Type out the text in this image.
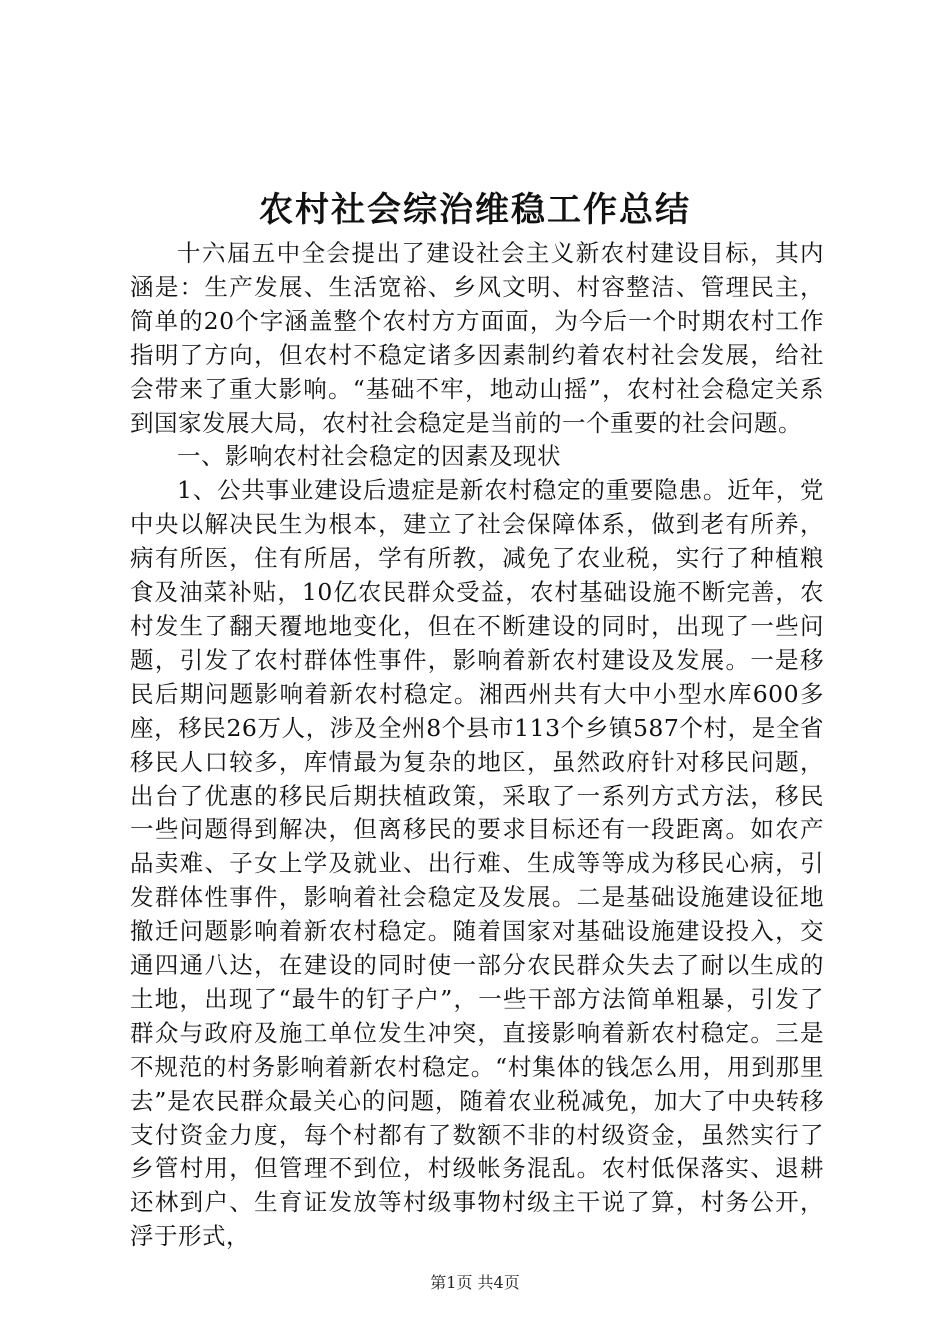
农村社会综治维稳工作总结

十六届五中全会提出了建设社会主义新农村建设目标，其内涵是：生产发展、生活宽裕、乡风文明、村容整洁、管理民主，简单的20个字涵盖整个农村方方面面，为今后一个时期农村工作指明了方向，但农村不稳定诸多因素制约着农村社会发展，给社会带来了重大影响。“基础不牢，地动山摇”，农村社会稳定关系到国家发展大局，农村社会稳定是当前的一个重要的社会问题。

一、影响农村社会稳定的因素及现状

1、公共事业建设后遗症是新农村稳定的重要隐患。近年，党中央以解决民生为根本，建立了社会保障体系，做到老有所养，病有所医，住有所居，学有所教，减免了农业税，实行了种植粮食及油菜补贴，10亿农民群众受益，农村基础设施不断完善，农村发生了翻天覆地地变化，但在不断建设的同时，出现了一些问题，引发了农村群体性事件，影响着新农村建设及发展。一是移民后期问题影响着新农村稳定。湘西州共有大中小型水库600多座，移民26万人，涉及全州8个县市113个乡镇587个村，是全省移民人口较多，库情最为复杂的地区，虽然政府针对移民问题，出台了优惠的移民后期扶植政策，采取了一系列方式方法，移民一些问题得到解决，但离移民的要求目标还有一段距离。如农产品卖难、子女上学及就业、出行难、生成等等成为移民心病，引发群体性事件，影响着社会稳定及发展。二是基础设施建设征地撤迁问题影响着新农村稳定。随着国家对基础设施建设投入，交通四通八达，在建设的同时使一部分农民群众失去了耐以生成的土地，出现了“最牛的钉子户”，一些干部方法简单粗暴，引发了群众与政府及施工单位发生冲突，直接影响着新农村稳定。三是不规范的村务影响着新农村稳定。“村集体的钱怎么用，用到那里去”是农民群众最关心的问题，随着农业税减免，加大了中央转移支付资金力度，每个村都有了数额不非的村级资金，虽然实行了乡管村用，但管理不到位，村级帐务混乱。农村低保落实、退耕还林到户、生育证发放等村级事物村级主干说了算，村务公开，浮于形式，

第1页 共4页
